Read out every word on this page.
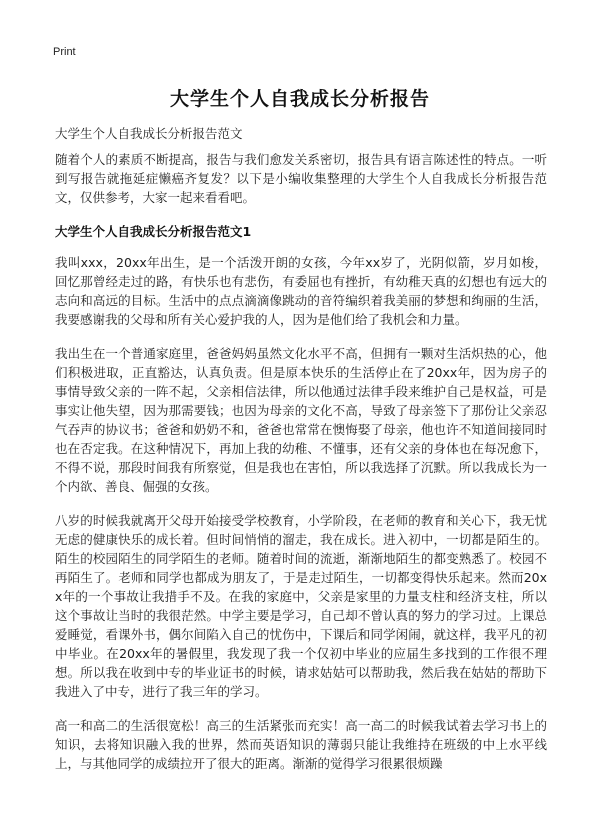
Print
大学生个人自我成长分析报告
大学生个人自我成长分析报告范文

随着个人的素质不断提高，报告与我们愈发关系密切，报告具有语言陈述性的特点。一听到写报告就拖延症懒癌齐复发？以下是小编收集整理的大学生个人自我成长分析报告范文，仅供参考，大家一起来看看吧。

大学生个人自我成长分析报告范文1

我叫xxx，20xx年出生，是一个活泼开朗的女孩，今年xx岁了，光阴似箭，岁月如梭，回忆那曾经走过的路，有快乐也有悲伤，有委屈也有挫折，有幼稚天真的幻想也有远大的志向和高远的目标。生活中的点点滴滴像跳动的音符编织着我美丽的梦想和绚丽的生活，我要感谢我的父母和所有关心爱护我的人，因为是他们给了我机会和力量。

我出生在一个普通家庭里，爸爸妈妈虽然文化水平不高，但拥有一颗对生活炽热的心，他们积极进取，正直豁达，认真负责。但是原本快乐的生活停止在了20xx年，因为房子的事情导致父亲的一阵不起，父亲相信法律，所以他通过法律手段来维护自己是权益，可是事实让他失望，因为那需要钱；也因为母亲的文化不高，导致了母亲签下了那份让父亲忍气吞声的协议书；爸爸和奶奶不和，爸爸也常常在懊悔娶了母亲，他也许不知道间接同时也在否定我。在这种情况下，再加上我的幼稚、不懂事，还有父亲的身体也在每况愈下，不得不说，那段时间我有所察觉，但是我也在害怕，所以我选择了沉默。所以我成长为一个内欲、善良、倔强的女孩。

八岁的时候我就离开父母开始接受学校教育，小学阶段，在老师的教育和关心下，我无忧无虑的健康快乐的成长着。但时间悄悄的溜走，我在成长。进入初中，一切都是陌生的。陌生的校园陌生的同学陌生的老师。随着时间的流逝，渐渐地陌生的都变熟悉了。校园不再陌生了。老师和同学也都成为朋友了，于是走过陌生，一切都变得快乐起来。然而20xx年的一个事故让我措手不及。在我的家庭中，父亲是家里的力量支柱和经济支柱，所以这个事故让当时的我很茫然。中学主要是学习，自己却不曾认真的努力的学习过。上课总爱睡觉，看课外书，偶尔间陷入自己的忧伤中，下课后和同学闲闹，就这样，我平凡的初中毕业。在20xx年的暑假里，我发现了我一个仅初中毕业的应届生多找到的工作很不理想。所以我在收到中专的毕业证书的时候，请求姑姑可以帮助我，然后我在姑姑的帮助下我进入了中专，进行了我三年的学习。

高一和高二的生活很宽松！高三的生活紧张而充实！高一高二的时候我试着去学习书上的知识，去将知识融入我的世界，然而英语知识的薄弱只能让我维持在班级的中上水平线上，与其他同学的成绩拉开了很大的距离。渐渐的觉得学习很累很烦躁
